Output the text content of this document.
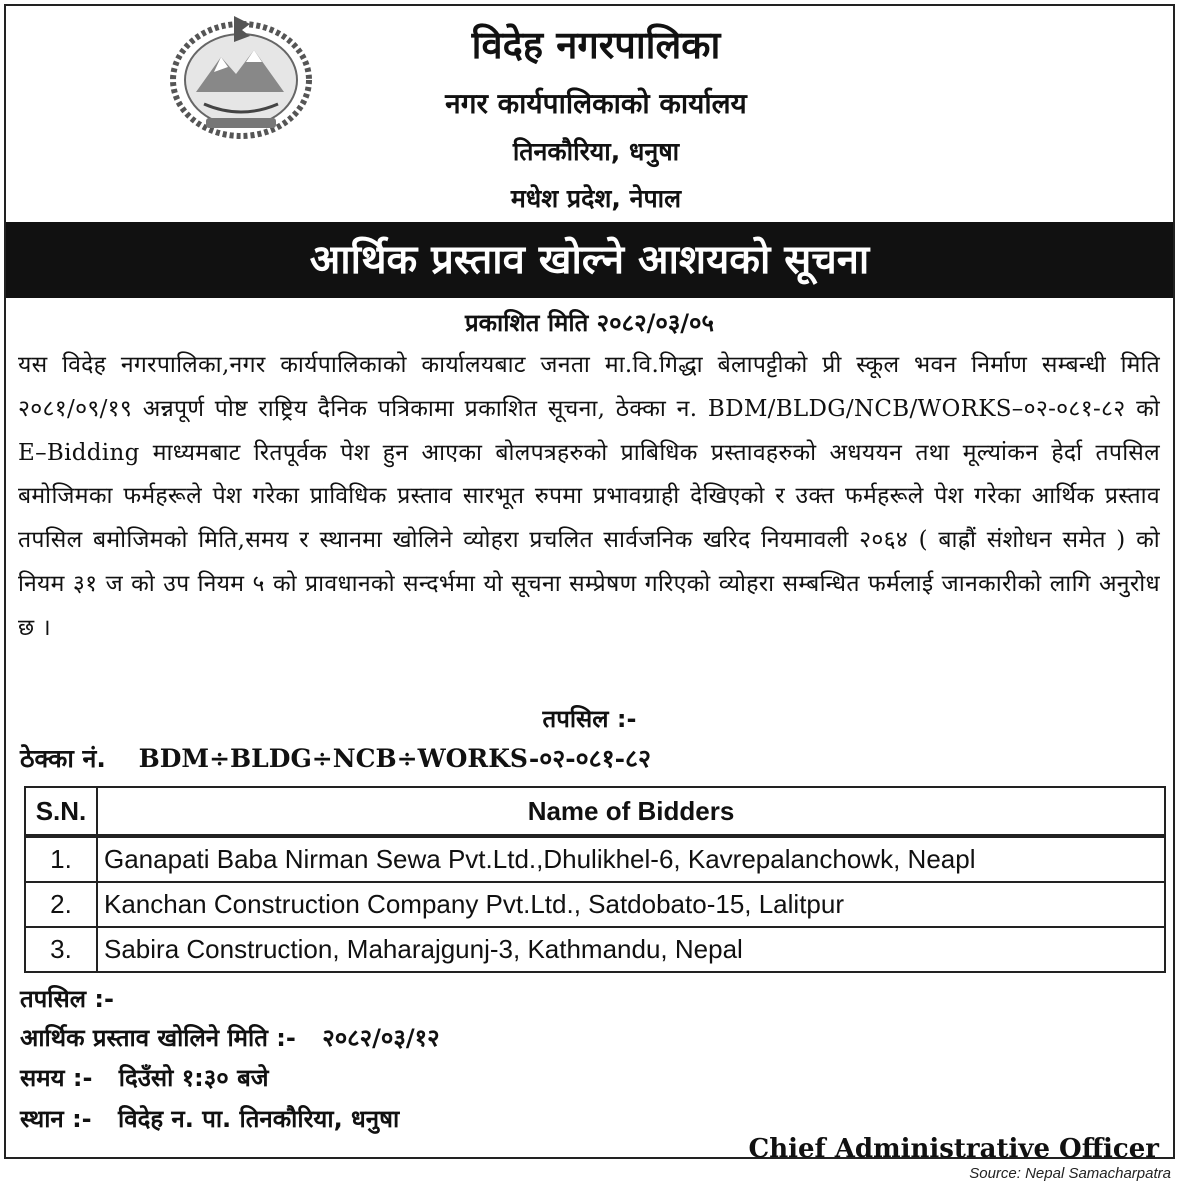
विदेह नगरपालिका
नगर कार्यपालिकाको कार्यालय
तिनकौरिया, धनुषा
मधेश प्रदेश, नेपाल
आर्थिक प्रस्ताव खोल्ने आशयको सूचना
प्रकाशित मिति २०८२/०३/०५
यस विदेह नगरपालिका,नगर कार्यपालिकाको कार्यालयबाट जनता मा.वि.गिद्धा बेलापट्टीको प्री स्कूल भवन निर्माण सम्बन्धी मिति २०८१/०९/१९ अन्नपूर्ण पोष्ट राष्ट्रिय दैनिक पत्रिकामा प्रकाशित सूचना, ठेक्का न. BDM/BLDG/NCB/WORKS–०२-०८१-८२ को E–Bidding माध्यमबाट रितपूर्वक पेश हुन आएका बोलपत्रहरुको प्राबिधिक प्रस्तावहरुको अधययन तथा मूल्यांकन हेर्दा तपसिल बमोजिमका फर्महरूले पेश गरेका प्राविधिक प्रस्ताव सारभूत रुपमा प्रभावग्राही देखिएको र उक्त फर्महरूले पेश गरेका आर्थिक प्रस्ताव तपसिल बमोजिमको मिति,समय र स्थानमा खोलिने व्योहरा प्रचलित सार्वजनिक खरिद नियमावली २०६४ ( बाह्रौं संशोधन समेत ) को नियम ३१ ज को उप नियम ५ को प्रावधानको सन्दर्भमा यो सूचना सम्प्रेषण गरिएको व्योहरा सम्बन्धित फर्मलाई जानकारीको लागि अनुरोध छ ।
तपसिल :-
ठेक्का नं. BDM÷BLDG÷NCB÷WORKS-०२-०८१-८२
S.N.	Name of Bidders
1.	Ganapati Baba Nirman Sewa Pvt.Ltd.,Dhulikhel-6, Kavrepalanchowk, Neapl
2.	Kanchan Construction Company Pvt.Ltd., Satdobato-15, Lalitpur
3.	Sabira Construction, Maharajgunj-3, Kathmandu, Nepal
तपसिल :-
आर्थिक प्रस्ताव खोलिने मिति :- २०८२/०३/१२
समय :- दिउँसो १:३० बजे
स्थान :- विदेह न. पा. तिनकौरिया, धनुषा
Chief Administrative Officer
Source: Nepal Samacharpatra
